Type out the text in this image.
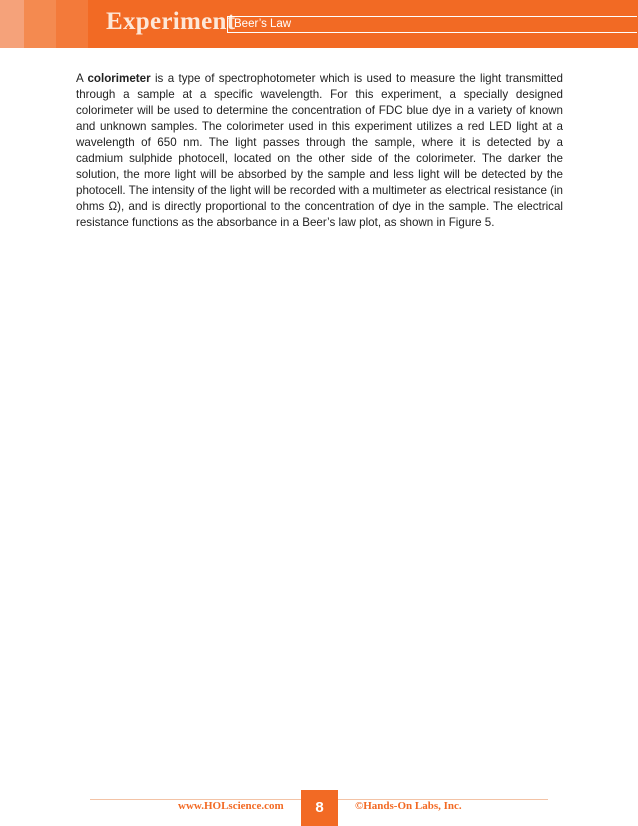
Experiment
Beer’s Law
A colorimeter is a type of spectrophotometer which is used to measure the light transmitted through a sample at a specific wavelength. For this experiment, a specially designed colorimeter will be used to determine the concentration of FDC blue dye in a variety of known and unknown samples. The colorimeter used in this experiment utilizes a red LED light at a wavelength of 650 nm. The light passes through the sample, where it is detected by a cadmium sulphide photocell, located on the other side of the colorimeter. The darker the solution, the more light will be absorbed by the sample and less light will be detected by the photocell. The intensity of the light will be recorded with a multimeter as electrical resistance (in ohms Ω), and is directly proportional to the concentration of dye in the sample. The electrical resistance functions as the absorbance in a Beer’s law plot, as shown in Figure 5.
www.HOLscience.com	8	©Hands-On Labs, Inc.
